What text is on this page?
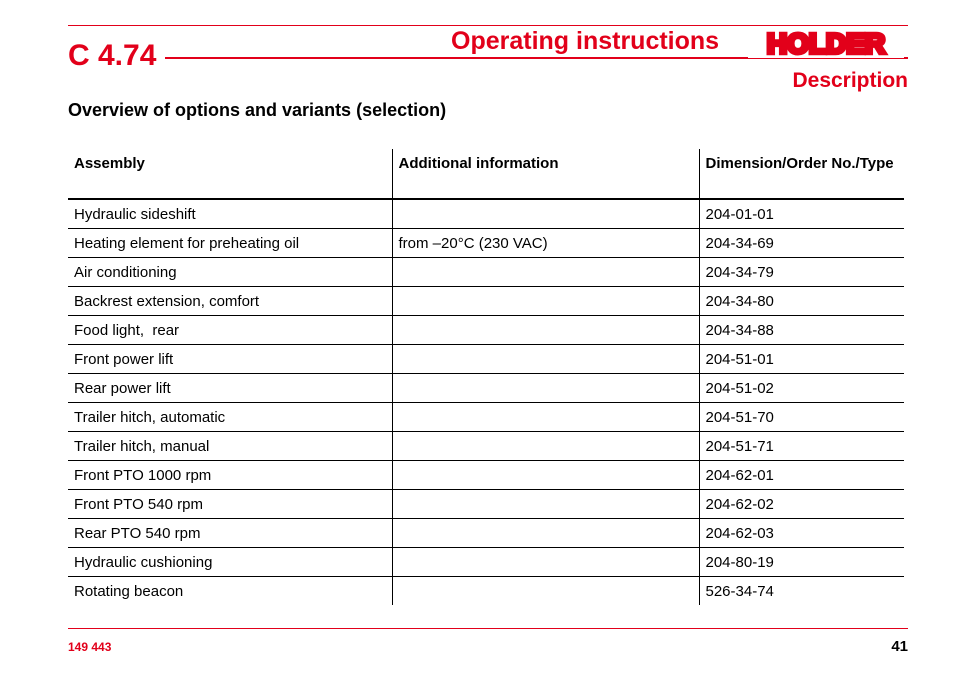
C 4.74	Operating instructions HOLDER
Description
Overview of options and variants (selection)
Assembly	Additional information	Dimension/Order No./Type
Hydraulic sideshift		204-01-01
Heating element for preheating oil	from –20°C (230 VAC)	204-34-69
Air conditioning		204-34-79
Backrest extension, comfort		204-34-80
Food light,  rear		204-34-88
Front power lift		204-51-01
Rear power lift		204-51-02
Trailer hitch, automatic		204-51-70
Trailer hitch, manual		204-51-71
Front PTO 1000 rpm		204-62-01
Front PTO 540 rpm		204-62-02
Rear PTO 540 rpm		204-62-03
Hydraulic cushioning		204-80-19
Rotating beacon		526-34-74
149 443	41
